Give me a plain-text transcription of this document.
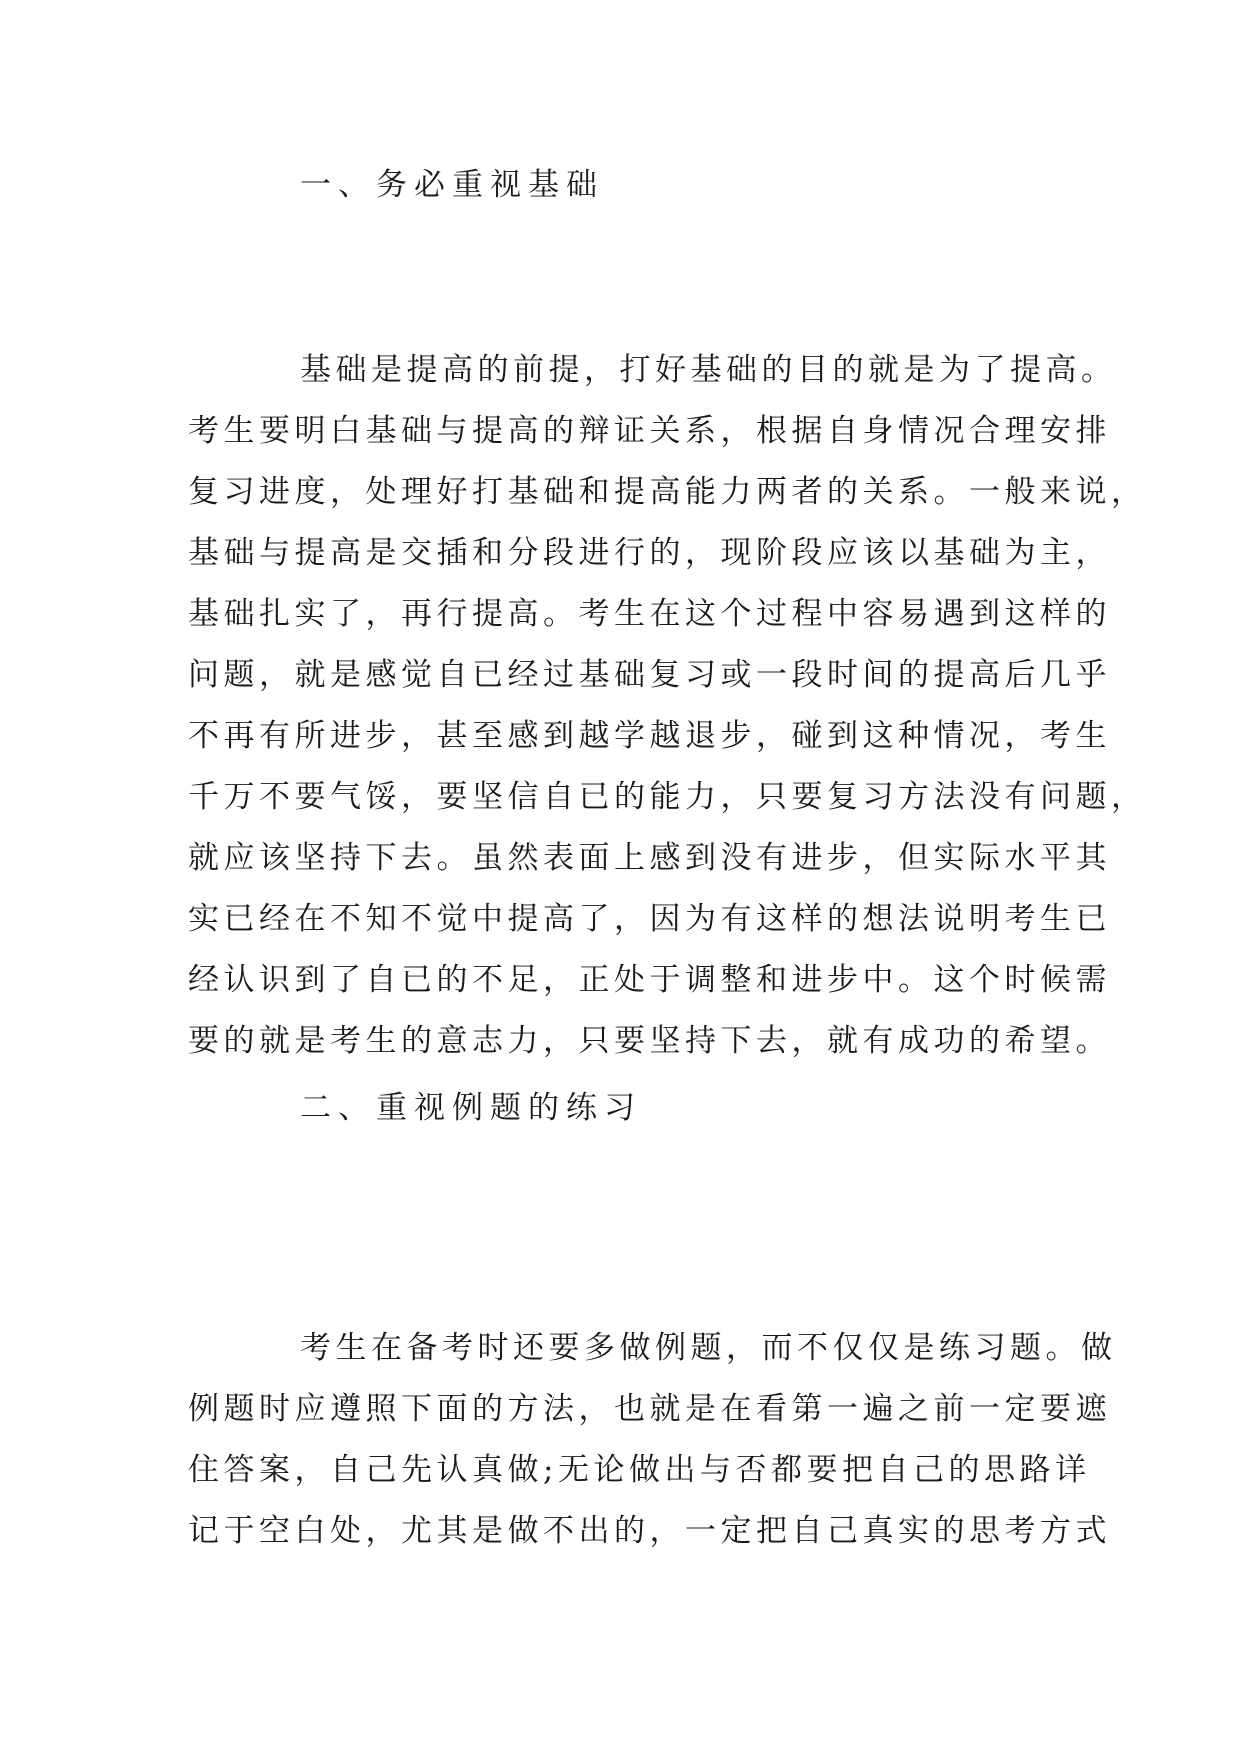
一、务必重视基础
基础是提高的前提，打好基础的目的就是为了提高。
考生要明白基础与提高的辩证关系，根据自身情况合理安排
复习进度，处理好打基础和提高能力两者的关系。一般来说，
基础与提高是交插和分段进行的，现阶段应该以基础为主，
基础扎实了，再行提高。考生在这个过程中容易遇到这样的
问题，就是感觉自已经过基础复习或一段时间的提高后几乎
不再有所进步，甚至感到越学越退步，碰到这种情况，考生
千万不要气馁，要坚信自已的能力，只要复习方法没有问题，
就应该坚持下去。虽然表面上感到没有进步，但实际水平其
实已经在不知不觉中提高了，因为有这样的想法说明考生已
经认识到了自已的不足，正处于调整和进步中。这个时候需
要的就是考生的意志力，只要坚持下去，就有成功的希望。
二、重视例题的练习
考生在备考时还要多做例题，而不仅仅是练习题。做
例题时应遵照下面的方法，也就是在看第一遍之前一定要遮
住答案，自己先认真做;无论做出与否都要把自己的思路详
记于空白处，尤其是做不出的，一定把自己真实的思考方式
